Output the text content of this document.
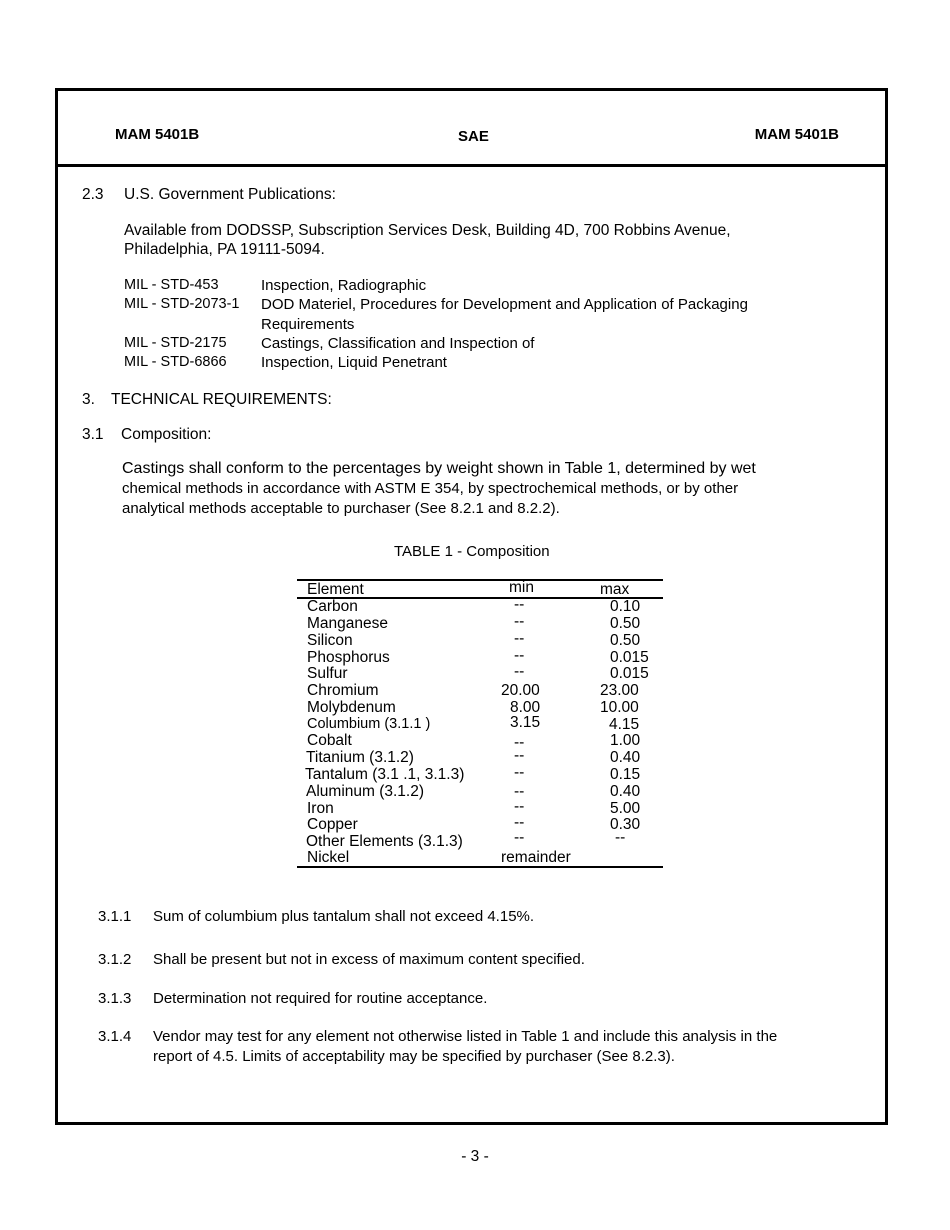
MAM 5401B	SAE	MAM 5401B
2.3 U.S. Government Publications:
Available from DODSSP, Subscription Services Desk, Building 4D, 700 Robbins Avenue,
Philadelphia, PA 19111-5094.
MIL - STD-453	Inspection, Radiographic
MIL - STD-2073-1 DOD Materiel, Procedures for Development and Application of Packaging
Requirements
MIL - STD-2175 Castings, Classification and Inspection of
MIL - STD-6866 Inspection, Liquid Penetrant
3. TECHNICAL REQUIREMENTS:
3.1 Composition:
Castings shall conform to the percentages by weight shown in Table 1, determined by wet
chemical methods in accordance with ASTM E 354, by spectrochemical methods, or by other
analytical methods acceptable to purchaser (See 8.2.1 and 8.2.2).
TABLE 1 - Composition
Element	min	max
Carbon	--	0.10
Manganese	--	0.50
Silicon	--	0.50
Phosphorus	--	0.015
Sulfur	--	0.015
Chromium	20.00	23.00
Molybdenum	8.00	10.00
Columbium (3.1.1 )	3.15	4.15
Cobalt	--	1.00
Titanium (3.1.2)	--	0.40
Tantalum (3.1 .1, 3.1.3)	--	0.15
Aluminum (3.1.2)	--	0.40
Iron	--	5.00
Copper	--	0.30
Other Elements (3.1.3)	--	--
Nickel	remainder
3.1.1 Sum of columbium plus tantalum shall not exceed 4.15%.
3.1.2 Shall be present but not in excess of maximum content specified.
3.1.3 Determination not required for routine acceptance.
3.1.4 Vendor may test for any element not otherwise listed in Table 1 and include this analysis in the
report of 4.5. Limits of acceptability may be specified by purchaser (See 8.2.3).
- 3 -
